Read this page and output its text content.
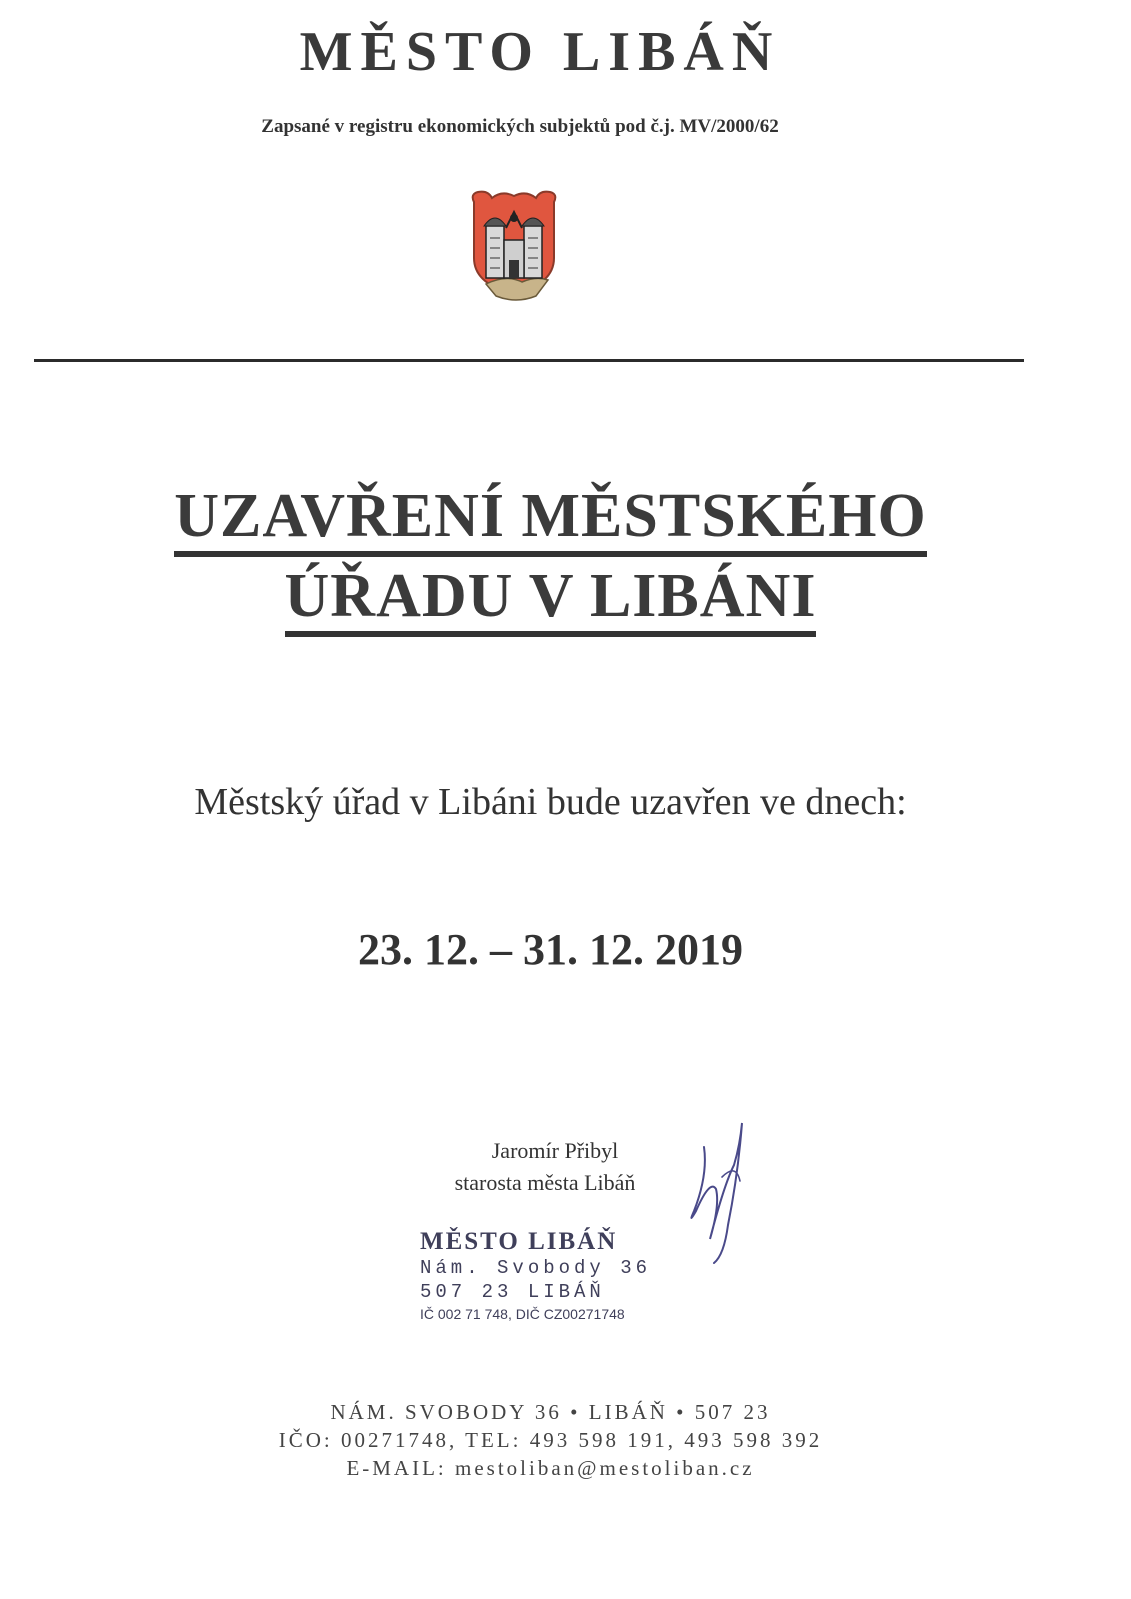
MĚSTO LIBÁŇ
Zapsané v registru ekonomických subjektů pod č.j. MV/2000/62
UZAVŘENÍ MĚSTSKÉHO
ÚŘADU V LIBÁNI
Městský úřad v Libáni bude uzavřen ve dnech:
23. 12. – 31. 12. 2019
Jaromír Přibyl
starosta města Libáň
MĚSTO LIBÁŇ
Nám. Svobody 36
507 23 LIBÁŇ
IČ 002 71 748, DIČ CZ00271748
NÁM. SVOBODY 36 • LIBÁŇ • 507 23
IČO: 00271748, TEL: 493 598 191, 493 598 392
E-MAIL: mestoliban@mestoliban.cz
